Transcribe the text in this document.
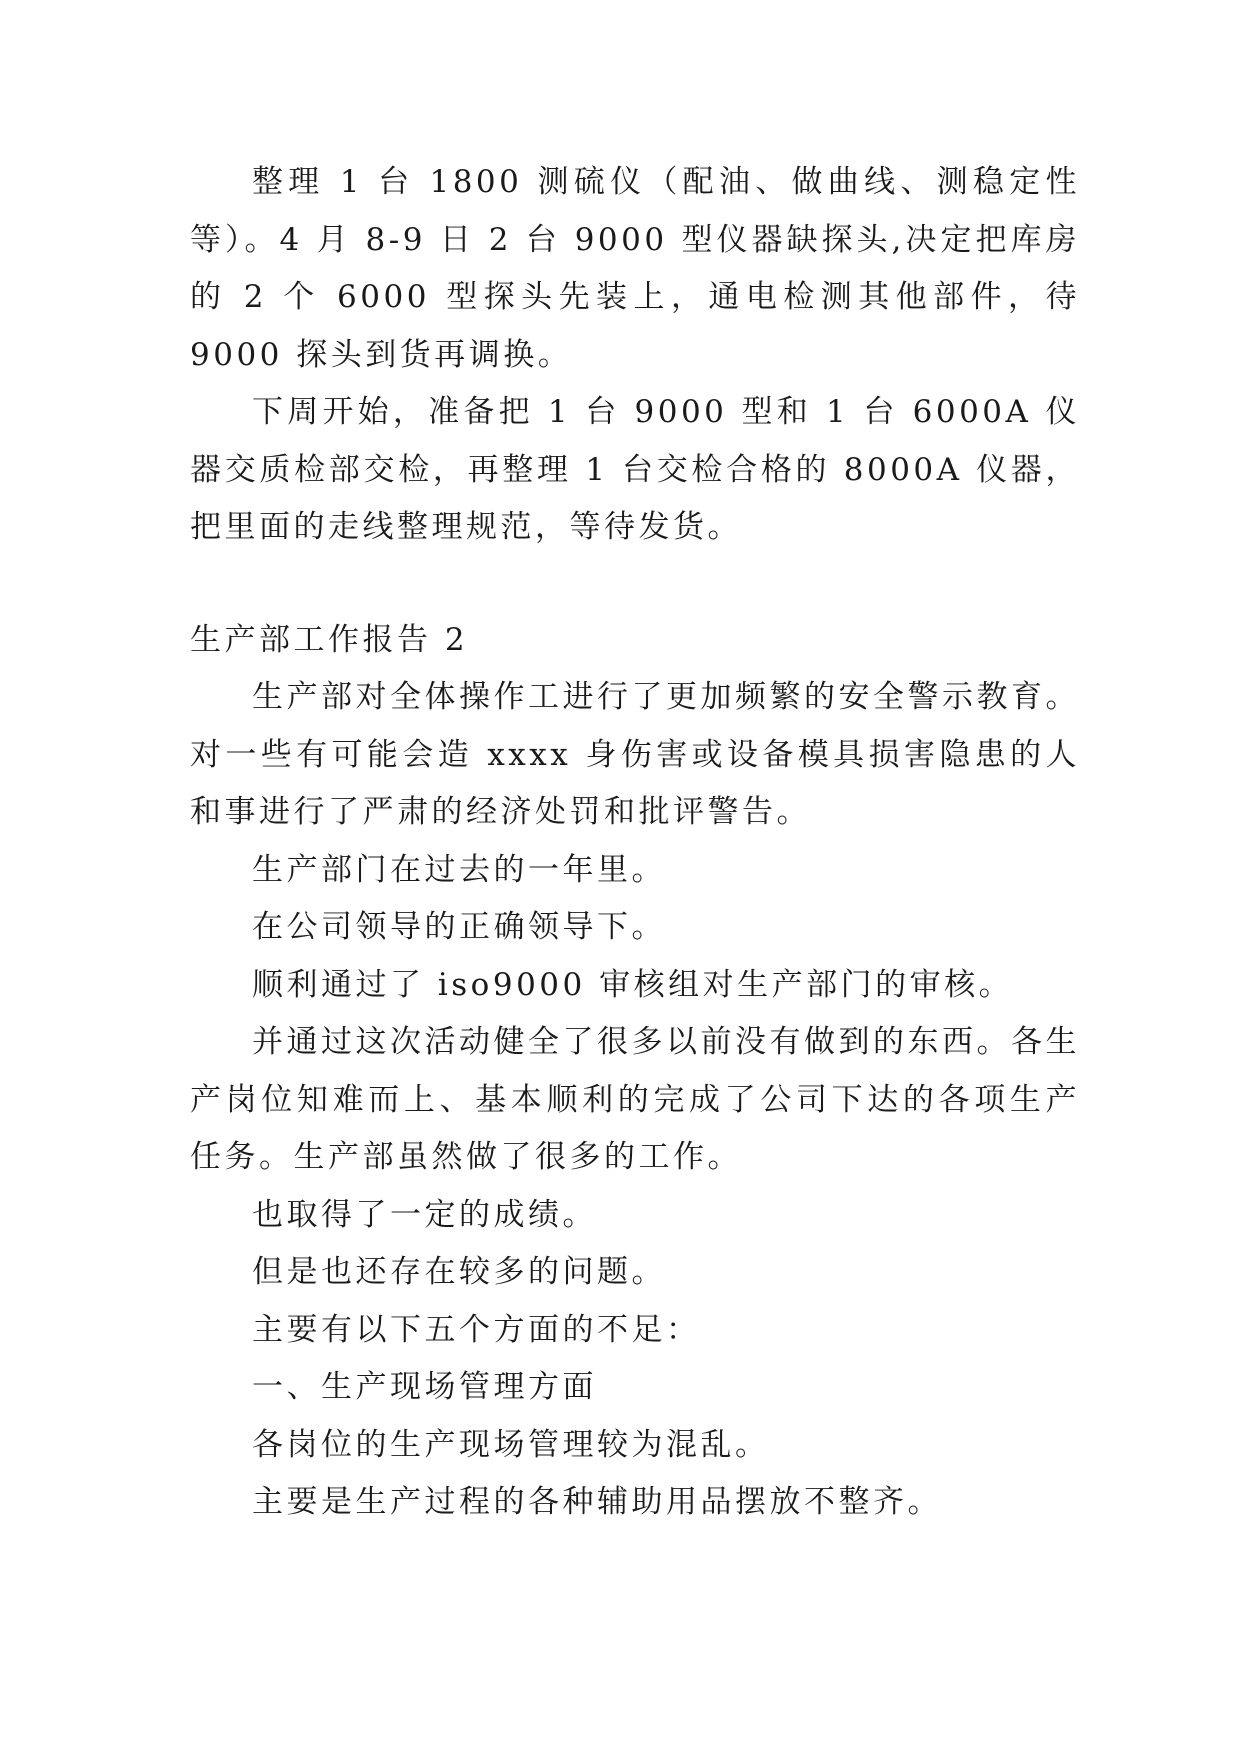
整理 1 台 1800 测硫仪（配油、做曲线、测稳定性等）。4 月 8-9 日 2 台 9000 型仪器缺探头,决定把库房的 2 个 6000 型探头先装上，通电检测其他部件，待 9000 探头到货再调换。

下周开始，准备把 1 台 9000 型和 1 台 6000A 仪器交质检部交检，再整理 1 台交检合格的 8000A 仪器，把里面的走线整理规范，等待发货。

生产部工作报告 2

生产部对全体操作工进行了更加频繁的安全警示教育。对一些有可能会造 xxxx 身伤害或设备模具损害隐患的人和事进行了严肃的经济处罚和批评警告。

生产部门在过去的一年里。

在公司领导的正确领导下。

顺利通过了 iso9000 审核组对生产部门的审核。

并通过这次活动健全了很多以前没有做到的东西。各生产岗位知难而上、基本顺利的完成了公司下达的各项生产任务。生产部虽然做了很多的工作。

也取得了一定的成绩。

但是也还存在较多的问题。

主要有以下五个方面的不足：

一、生产现场管理方面

各岗位的生产现场管理较为混乱。

主要是生产过程的各种辅助用品摆放不整齐。
